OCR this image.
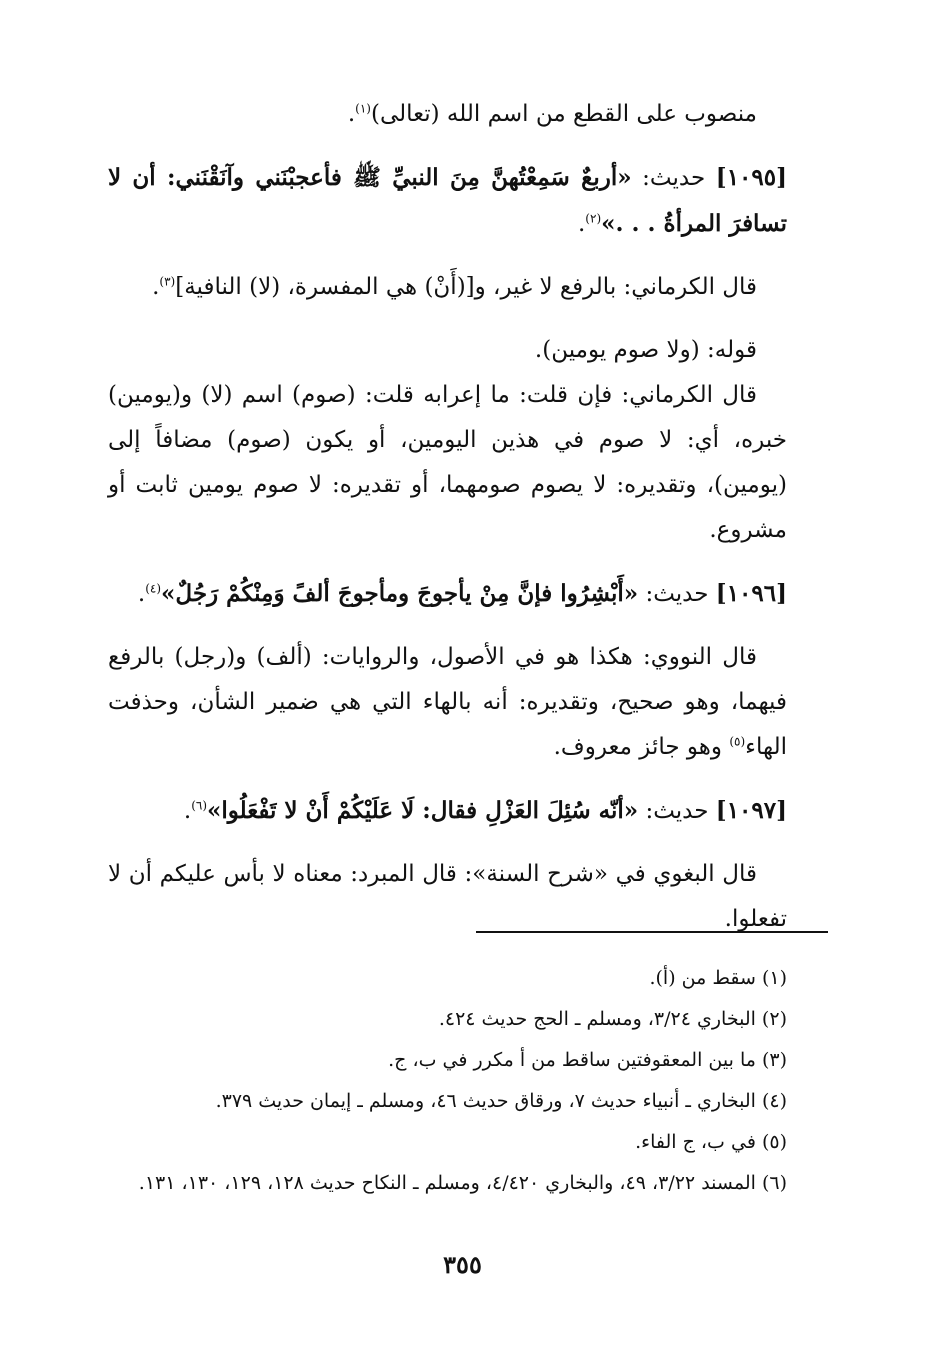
منصوب على القطع من اسم الله (تعالى)$^{(١)}$.

[١٠٩٥] حديث: «أربعٌ سَمِعْتُهنَّ مِنَ النبيِّ ﷺ فأعجبْنَني وآنَقْنَني: أن لا تسافرَ المرأةُ . . .»$^{(٢)}$.

قال الكرماني: بالرفع لا غير، و[(أَنْ) هي المفسرة، (لا) النافية]$^{(٣)}$.

قوله: (ولا صوم يومين).

قال الكرماني: فإن قلت: ما إعرابه قلت: (صوم) اسم (لا) و(يومين) خبره، أي: لا صوم في هذين اليومين، أو يكون (صوم) مضافاً إلى (يومين)، وتقديره: لا يصوم صومهما، أو تقديره: لا صوم يومين ثابت أو مشروع.

[١٠٩٦] حديث: «أَبْشِرُوا فإنَّ مِنْ يأجوجَ ومأجوجَ ألفً وَمِنْكُمْ رَجُلٌ»$^{(٤)}$.

قال النووي: هكذا هو في الأصول، والروايات: (ألف) و(رجل) بالرفع فيهما، وهو صحيح، وتقديره: أنه بالهاء التي هي ضمير الشأن، وحذفت الهاء$^{(٥)}$ وهو جائز معروف.

[١٠٩٧] حديث: «أنّه سُئِلَ العَزْلِ فقال: لَا عَلَيْكُمْ أَنْ لا تَفْعَلُوا»$^{(٦)}$.

قال البغوي في «شرح السنة»: قال المبرد: معناه لا بأس عليكم أن لا تفعلوا.

(١) سقط من (أ).

(٢) البخاري ٣/٢٤، ومسلم ـ الحج حديث ٤٢٤.

(٣) ما بين المعقوفتين ساقط من أ مكرر في ب، ج.

(٤) البخاري ـ أنبياء حديث ٧، ورقاق حديث ٤٦، ومسلم ـ إيمان حديث ٣٧٩.

(٥) في ب، ج الفاء.

(٦) المسند ٣/٢٢، ٤٩، والبخاري ٤/٤٢٠، ومسلم ـ النكاح حديث ١٢٨، ١٢٩، ١٣٠، ١٣١.

٣٥٥
